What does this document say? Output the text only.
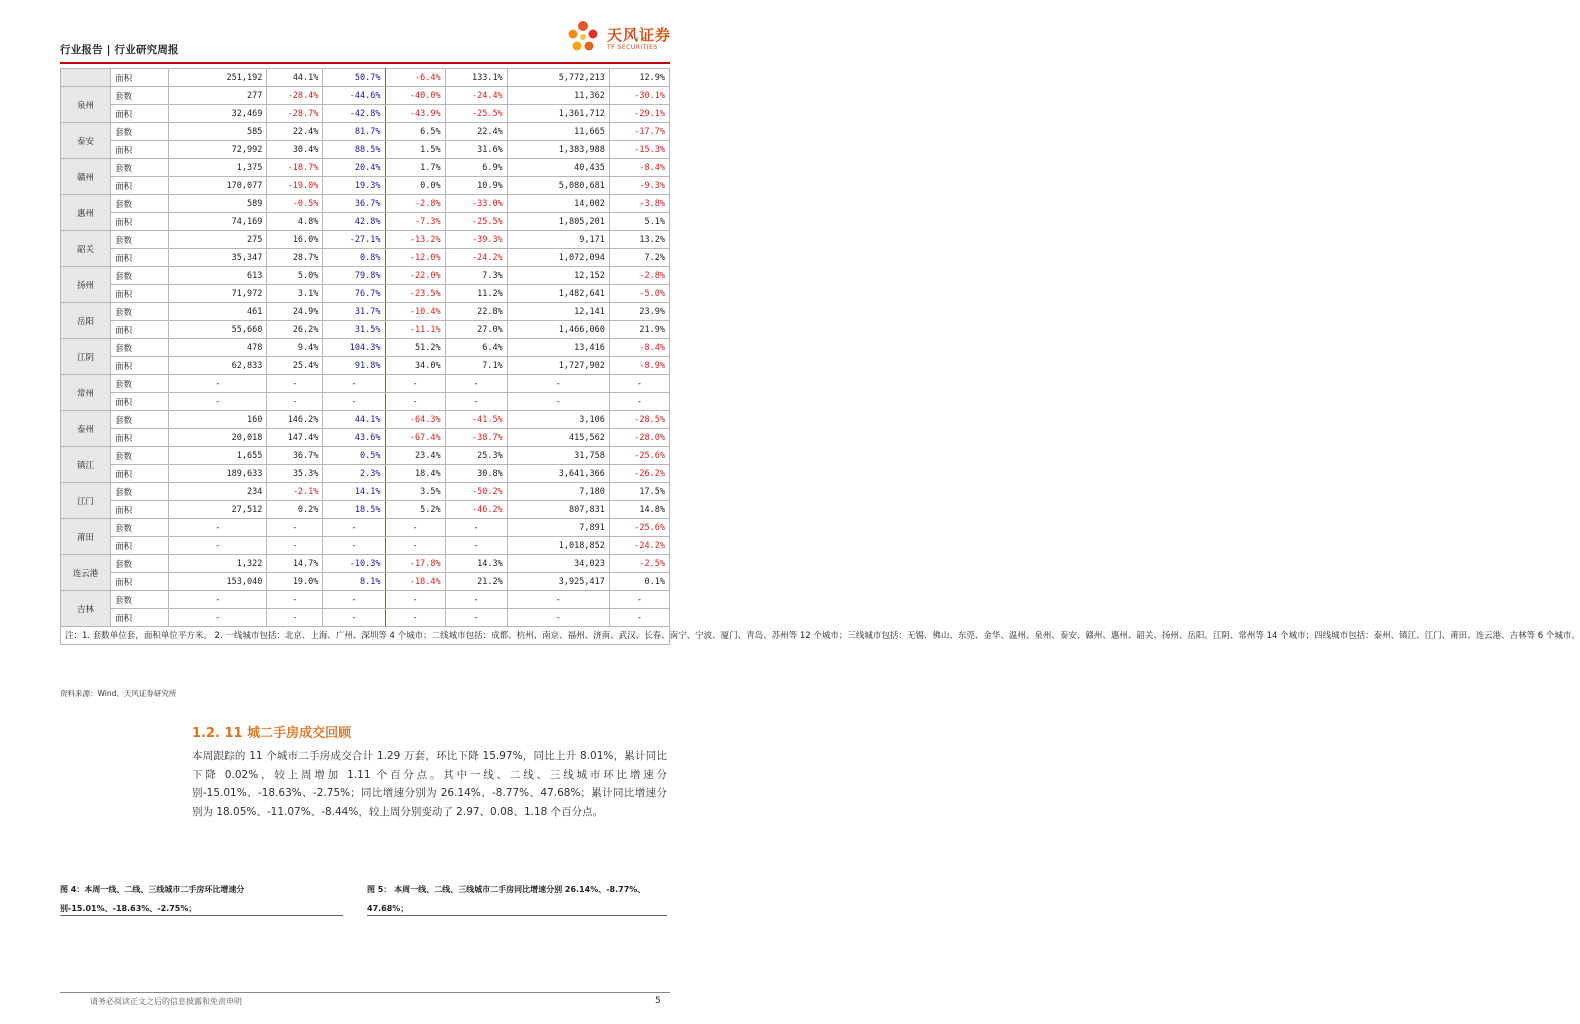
行业报告 | 行业研究周报
天风证券
TF SECURITIES
	面积	251,192	44.1%	50.7%	-6.4%	133.1%	5,772,213	12.9%
泉州	套数	277	-28.4%	-44.6%	-40.0%	-24.4%	11,362	-30.1%
	面积	32,469	-28.7%	-42.8%	-43.9%	-25.5%	1,361,712	-29.1%
泰安	套数	585	22.4%	81.7%	6.5%	22.4%	11,665	-17.7%
	面积	72,992	30.4%	88.5%	1.5%	31.6%	1,383,988	-15.3%
赣州	套数	1,375	-18.7%	20.4%	1.7%	6.9%	40,435	-8.4%
	面积	170,077	-19.0%	19.3%	0.0%	10.9%	5,080,681	-9.3%
惠州	套数	589	-0.5%	36.7%	-2.8%	-33.0%	14,002	-3.8%
	面积	74,169	4.8%	42.8%	-7.3%	-25.5%	1,805,201	5.1%
韶关	套数	275	16.0%	-27.1%	-13.2%	-39.3%	9,171	13.2%
	面积	35,347	28.7%	0.8%	-12.0%	-24.2%	1,072,094	7.2%
扬州	套数	613	5.0%	79.8%	-22.0%	7.3%	12,152	-2.8%
	面积	71,972	3.1%	76.7%	-23.5%	11.2%	1,482,641	-5.0%
岳阳	套数	461	24.9%	31.7%	-10.4%	22.8%	12,141	23.9%
	面积	55,660	26.2%	31.5%	-11.1%	27.0%	1,466,060	21.9%
江阴	套数	478	9.4%	104.3%	51.2%	6.4%	13,416	-8.4%
	面积	62,833	25.4%	91.8%	34.0%	7.1%	1,727,902	-8.9%
常州	套数	-	-	-	-	-	-	-
	面积	-	-	-	-	-	-	-
泰州	套数	160	146.2%	44.1%	-64.3%	-41.5%	3,106	-28.5%
	面积	20,018	147.4%	43.6%	-67.4%	-38.7%	415,562	-28.0%
镇江	套数	1,655	36.7%	0.5%	23.4%	25.3%	31,758	-25.6%
	面积	189,633	35.3%	2.3%	18.4%	30.8%	3,641,366	-26.2%
江门	套数	234	-2.1%	14.1%	3.5%	-50.2%	7,180	17.5%
	面积	27,512	0.2%	18.5%	5.2%	-46.2%	807,831	14.8%
莆田	套数	-	-	-	-	-	7,891	-25.6%
	面积	-	-	-	-	-	1,018,852	-24.2%
连云港	套数	1,322	14.7%	-10.3%	-17.8%	14.3%	34,023	-2.5%
	面积	153,040	19.0%	8.1%	-18.4%	21.2%	3,925,417	0.1%
吉林	套数	-	-	-	-	-	-	-
	面积	-	-	-	-	-	-	-
注：1. 套数单位套，面积单位平方米。 2. 一线城市包括：北京、上海、广州、深圳等 4 个城市；二线城市包括：成都、杭州、南京、福州、济南、武汉、长春、南宁、宁波、厦门、青岛、苏州等 12 个城市；三线城市包括：无锡、佛山、东莞、金华、温州、泉州、泰安、赣州、惠州、韶关、扬州、岳阳、江阴、常州等 14 个城市；四线城市包括：泰州、镇江、江门、莆田、连云港、吉林等 6 个城市。								
资料来源：Wind、天风证券研究所
1.2. 11 城二手房成交回顾
本周跟踪的 11 个城市二手房成交合计 1.29 万套，环比下降 15.97%，同比上升 8.01%，累计同比下降 0.02%，较上周增加 1.11 个百分点。其中一线、二线、三线城市环比增速分别-15.01%、-18.63%、-2.75%；同比增速分别为 26.14%、-8.77%、47.68%；累计同比增速分别为 18.05%、-11.07%、-8.44%，较上周分别变动了 2.97、0.08、1.18 个百分点。
图 4：本周一线、二线、三线城市二手房环比增速分别-15.01%、-18.63%、-2.75%；
图 5： 本周一线、二线、三线城市二手房同比增速分别 26.14%、-8.77%、47.68%；
请务必阅读正文之后的信息披露和免责申明	5
